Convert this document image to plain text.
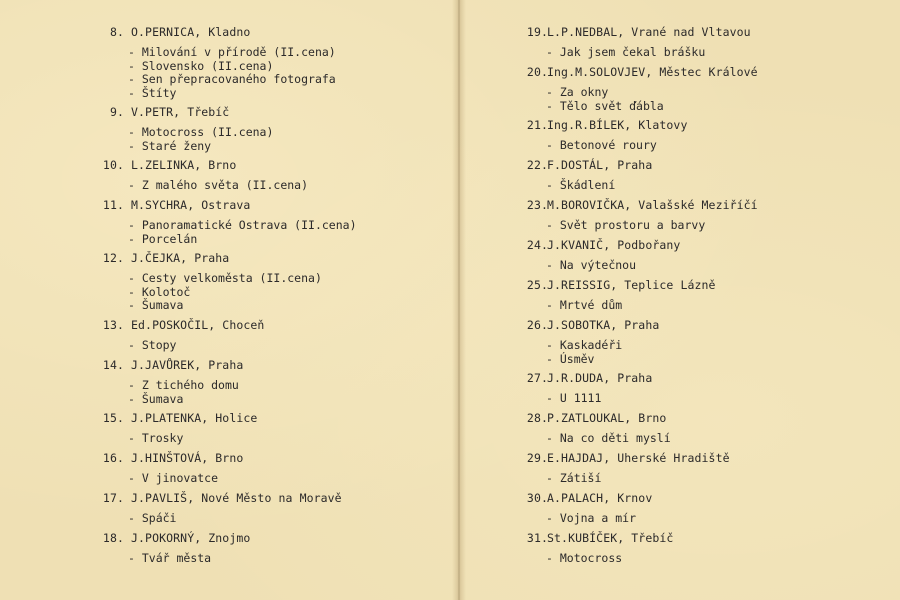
8. O.PERNICA, Kladno
- Milování v přírodě (II.cena)
- Slovensko (II.cena)
- Sen přepracovaného fotografa
- Štíty
9. V.PETR, Třebíč
- Motocross (II.cena)
- Staré ženy
10. L.ZELINKA, Brno
- Z malého světa (II.cena)
11. M.SYCHRA, Ostrava
- Panoramatické Ostrava (II.cena)
- Porcelán
12. J.ČEJKA, Praha
- Cesty velkoměsta (II.cena)
- Kolotoč
- Šumava
13. Ed.POSKOČIL, Choceň
- Stopy
14. J.JAVŮREK, Praha
- Z tichého domu
- Šumava
15. J.PLATENKA, Holice
- Trosky
16. J.HINŠTOVÁ, Brno
- V jinovatce
17. J.PAVLIŠ, Nové Město na Moravě
- Spáči
18. J.POKORNÝ, Znojmo
- Tvář města
19. L.P.NEDBAL, Vrané nad Vltavou
- Jak jsem čekal brášku
20. Ing.M.SOLOVJEV, Městec Králové
- Za okny
- Tělo svět ďábla
21. Ing.R.BÍLEK, Klatovy
- Betonové roury
22. F.DOSTÁL, Praha
- Škádlení
23. M.BOROVIČKA, Valašské Meziříčí
- Svět prostoru a barvy
24. J.KVANIČ, Podbořany
- Na výtečnou
25. J.REISSIG, Teplice Lázně
- Mrtvé dům
26. J.SOBOTKA, Praha
- Kaskadéři
- Úsměv
27. J.R.DUDA, Praha
- U 1111
28. P.ZATLOUKAL, Brno
- Na co děti myslí
29. E.HAJDAJ, Uherské Hradiště
- Zátiší
30. A.PALACH, Krnov
- Vojna a mír
31. St.KUBÍČEK, Třebíč
- Motocross
